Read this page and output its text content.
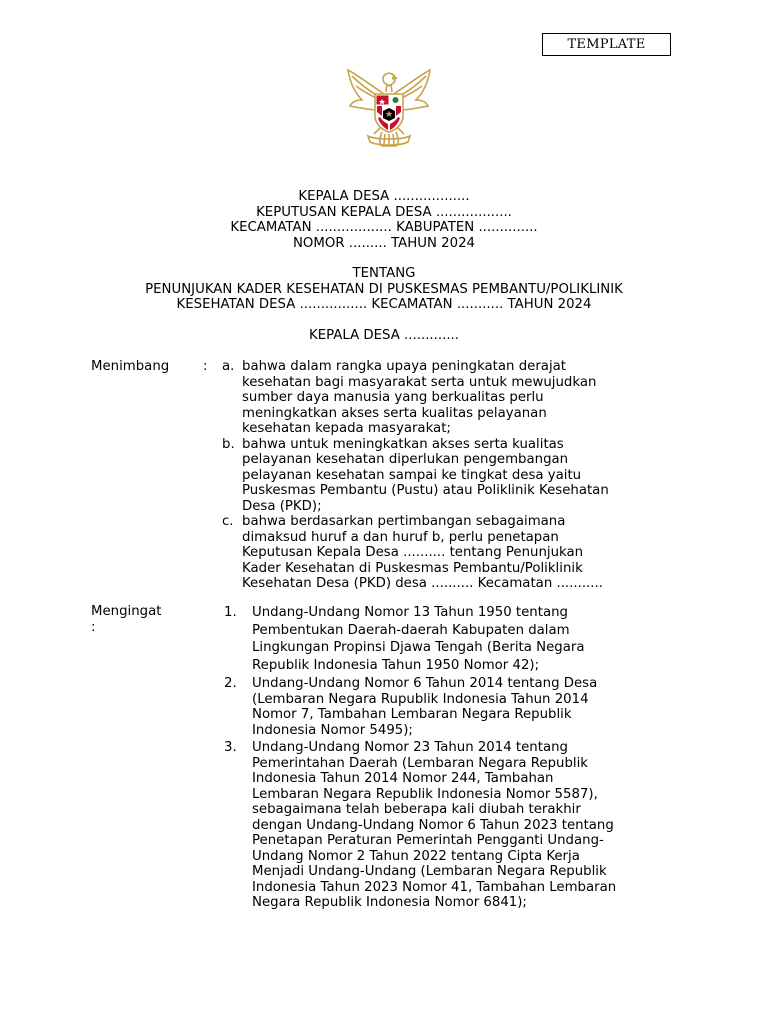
TEMPLATE
KEPALA DESA ..................
KEPUTUSAN KEPALA DESA ..................
KECAMATAN .................. KABUPATEN ..............
NOMOR ......... TAHUN 2024
TENTANG
PENUNJUKAN KADER KESEHATAN DI PUSKESMAS PEMBANTU/POLIKLINIK
KESEHATAN DESA ................ KECAMATAN ........... TAHUN 2024
KEPALA DESA .............
Menimbang	: a. bahwa dalam rangka upaya peningkatan derajat
kesehatan bagi masyarakat serta untuk mewujudkan
sumber daya manusia yang berkualitas perlu
meningkatkan akses serta kualitas pelayanan
kesehatan kepada masyarakat;
b. bahwa untuk meningkatkan akses serta kualitas
pelayanan kesehatan diperlukan pengembangan
pelayanan kesehatan sampai ke tingkat desa yaitu
Puskesmas Pembantu (Pustu) atau Poliklinik Kesehatan
Desa (PKD);
c. bahwa berdasarkan pertimbangan sebagaimana
dimaksud huruf a dan huruf b, perlu penetapan
Keputusan Kepala Desa .......... tentang Penunjukan
Kader Kesehatan di Puskesmas Pembantu/Poliklinik
Kesehatan Desa (PKD) desa .......... Kecamatan ...........
Mengingat
:
1. Undang-Undang Nomor 13 Tahun 1950 tentang
Pembentukan Daerah-daerah Kabupaten dalam
Lingkungan Propinsi Djawa Tengah (Berita Negara
Republik Indonesia Tahun 1950 Nomor 42);
2. Undang-Undang Nomor 6 Tahun 2014 tentang Desa
(Lembaran Negara Rupublik Indonesia Tahun 2014
Nomor 7, Tambahan Lembaran Negara Republik
Indonesia Nomor 5495);
3. Undang-Undang Nomor 23 Tahun 2014 tentang
Pemerintahan Daerah (Lembaran Negara Republik
Indonesia Tahun 2014 Nomor 244, Tambahan
Lembaran Negara Republik Indonesia Nomor 5587),
sebagaimana telah beberapa kali diubah terakhir
dengan Undang-Undang Nomor 6 Tahun 2023 tentang
Penetapan Peraturan Pemerintah Pengganti Undang-
Undang Nomor 2 Tahun 2022 tentang Cipta Kerja
Menjadi Undang-Undang (Lembaran Negara Republik
Indonesia Tahun 2023 Nomor 41, Tambahan Lembaran
Negara Republik Indonesia Nomor 6841);
